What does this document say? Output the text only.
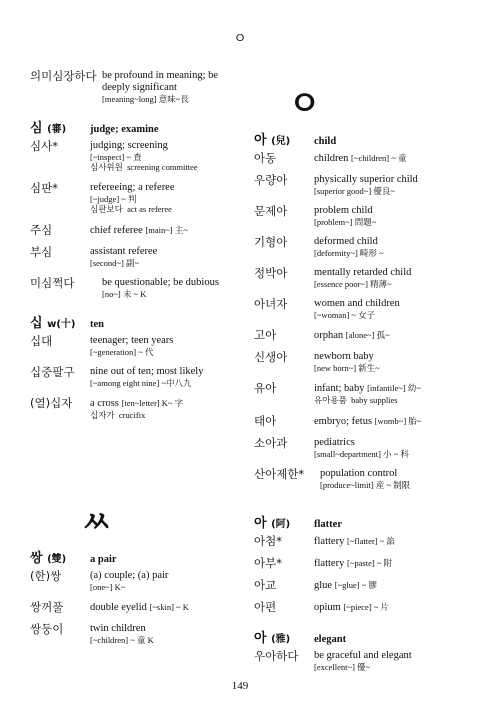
ㅇ
의미심장하다 be profound in meaning; be deeply significant
[meaning~long] 意味~長
심 (審)	judge; examine
심사*	judging; screening
[~inspect] ~ 査
심사위원 screening committee
심판*	refereeing; a referee
[~judge] ~ 判
심판보다 act as referee
주심	chief referee [main~] 主~
부심	assistant referee
[second~] 副~
미심쩍다	be questionable; be dubious
[no~] 未 ~ K
십 w(十)	ten
십대	teenager; teen years
[~generation] ~ 代
십중팔구	nine out of ten; most likely
[~among eight nine] ~中八九
(열)십자	a cross [ten~letter] K~ 字
십자가 crucifix
ㅆ
쌍 (雙)	a pair
(한)쌍	(a) couple; (a) pair
[one~] K~
쌍꺼풀	double eyelid [~skin] ~ K
쌍둥이	twin children
[~children] ~ 童 K
ㅇ
아 (兒)	child
아동	children [~children] ~ 童
우량아	physically superior child
[superior good~] 優良~
문제아	problem child
[problem~] 問題~
기형아	deformed child
[deformity~] 畸形 ~
정박아	mentally retarded child
[essence poor~] 精薄~
아녀자	women and children
[~woman] ~ 女子
고아	orphan [alone~] 孤~
신생아	newborn baby
[new born~] 新生~
유아	infant; baby [infantile~] 幼~
유아용품 baby supplies
태아	embryo; fetus [womb~] 胎~
소아과	pediatrics
[small~department] 小 ~ 科
산아제한*	population control
[produce~limit] 産 ~ 制限
아 (阿)	flatter
아첨*	flattery [~flatter] ~ 諂
아부*	flattery [~paste] ~ 附
아교	glue [~glue] ~ 膠
아편	opium [~piece] ~ 片
아 (雅)	elegant
우아하다	be graceful and elegant
[excellent~] 優~
149
